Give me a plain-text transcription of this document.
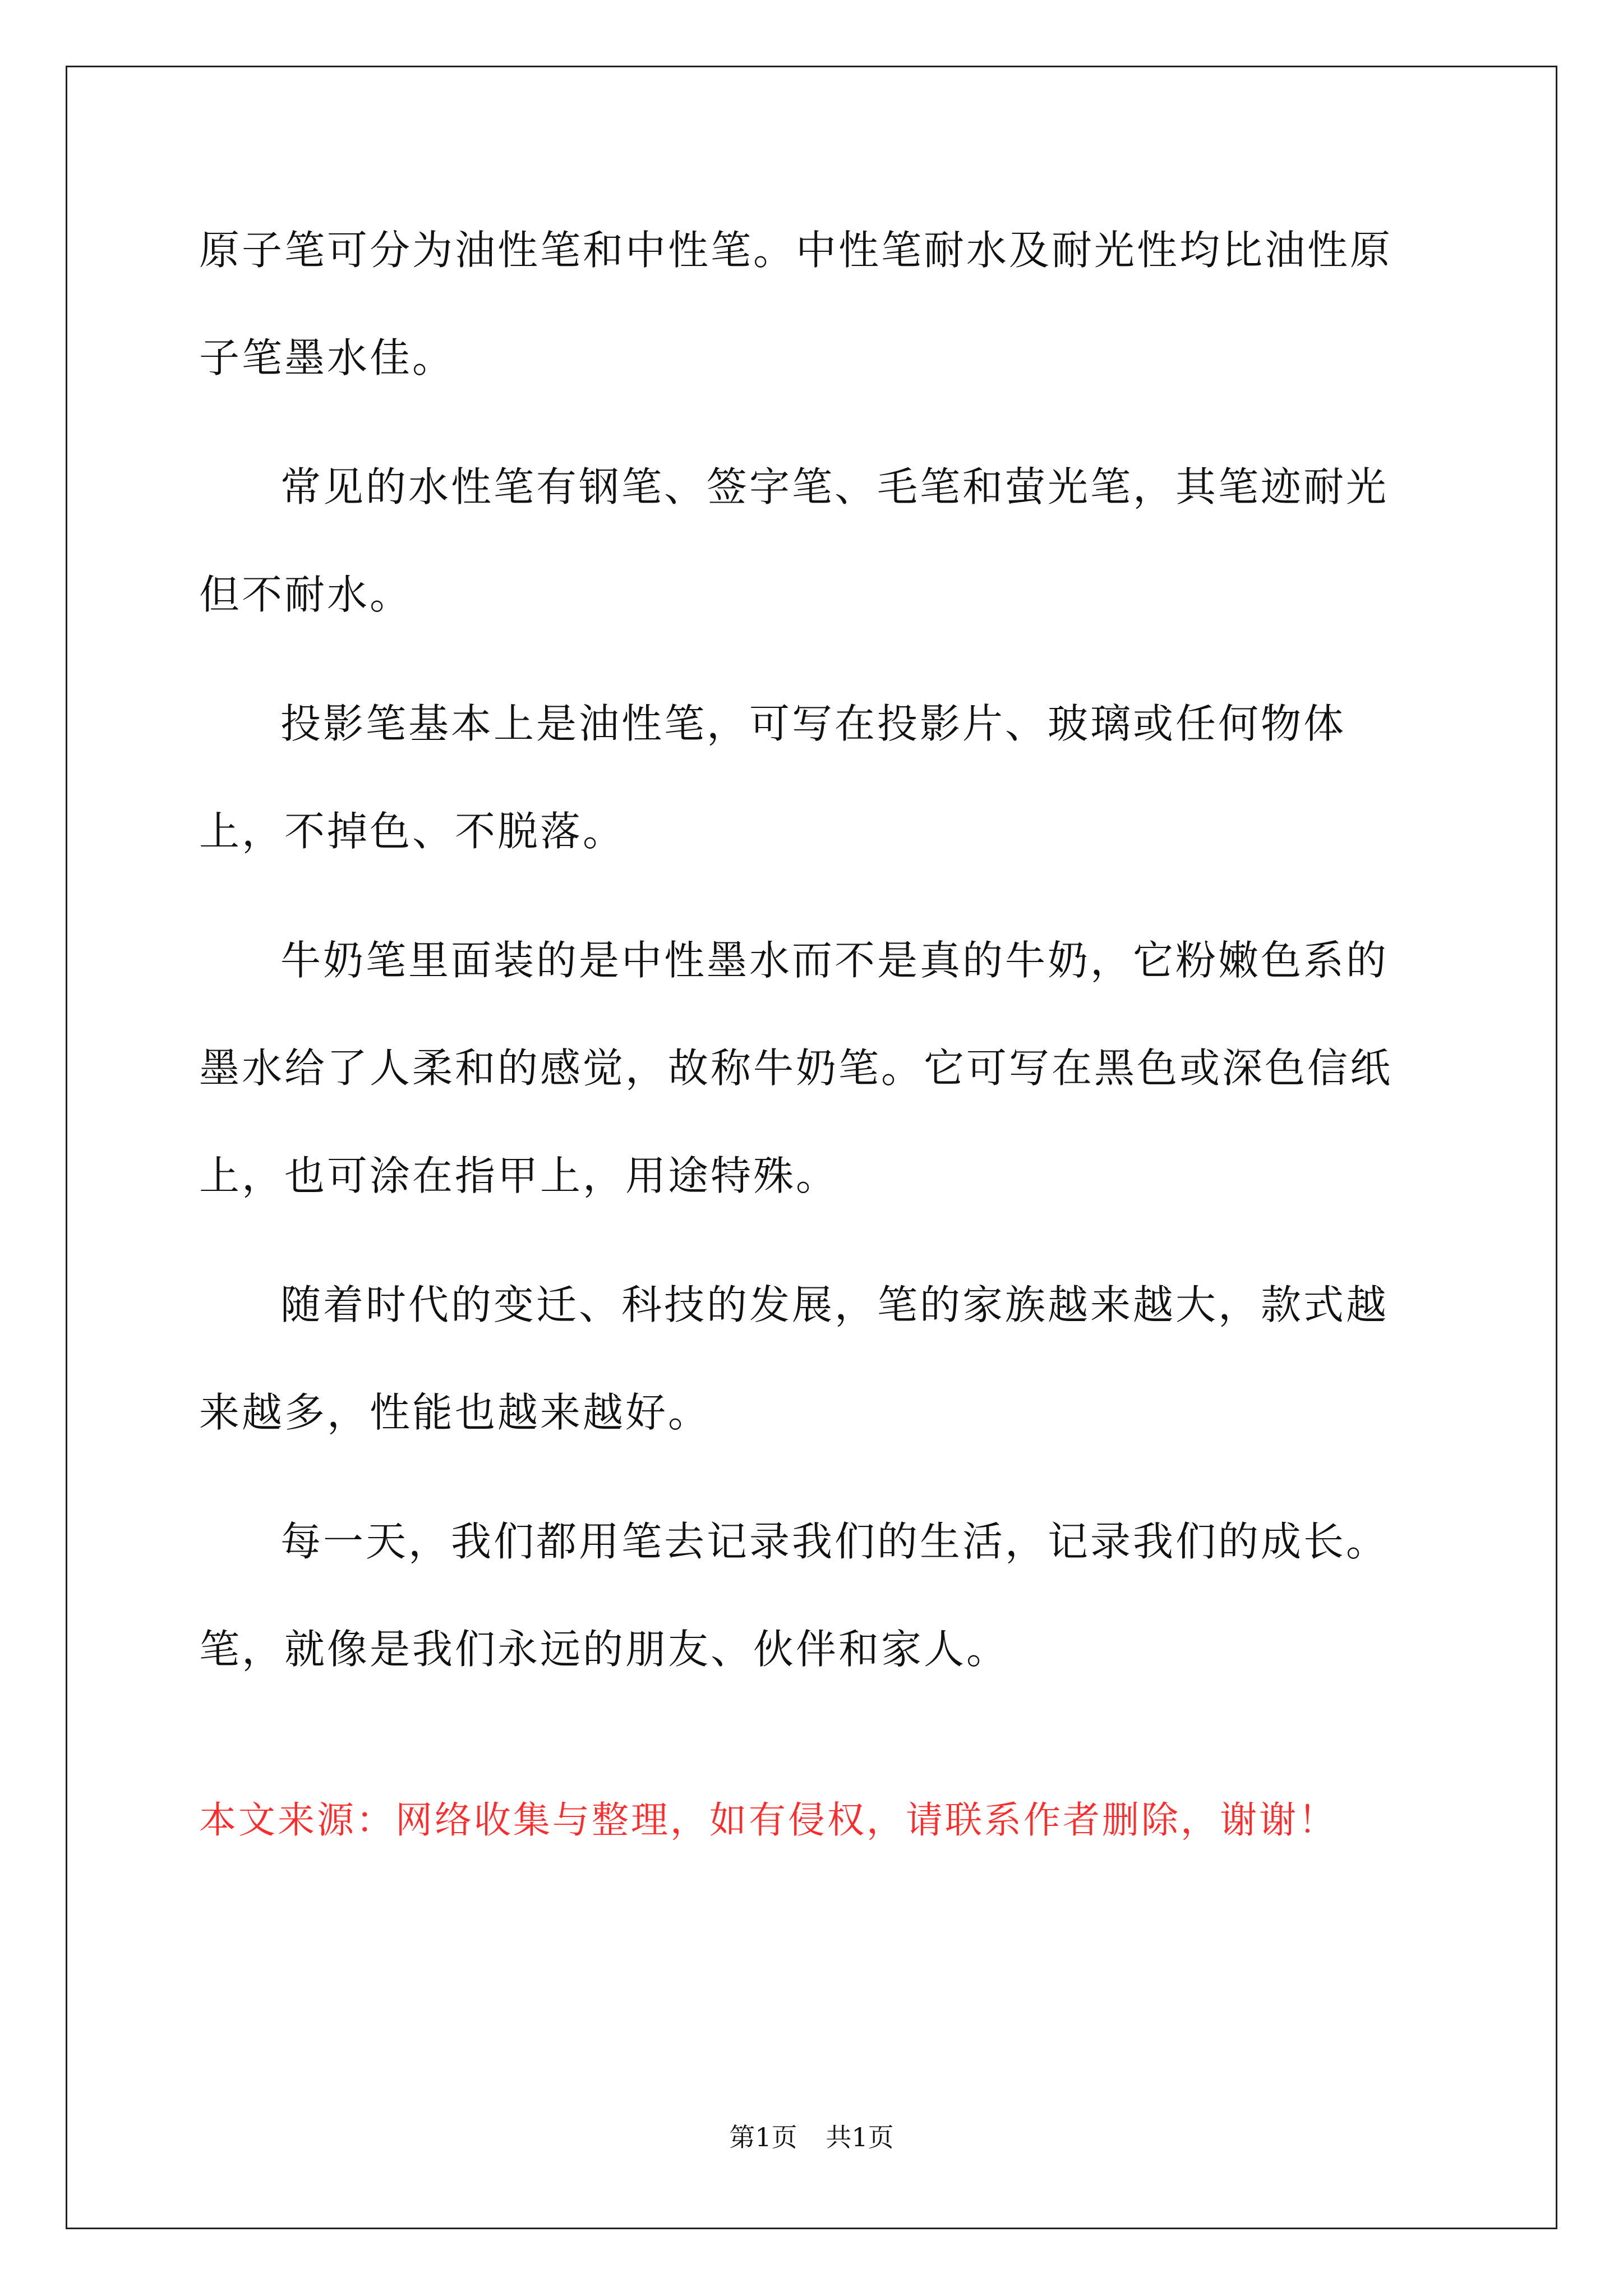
原子笔可分为油性笔和中性笔。中性笔耐水及耐光性均比油性原子笔墨水佳。

常见的水性笔有钢笔、签字笔、毛笔和萤光笔，其笔迹耐光但不耐水。

投影笔基本上是油性笔，可写在投影片、玻璃或任何物体上，不掉色、不脱落。

牛奶笔里面装的是中性墨水而不是真的牛奶，它粉嫩色系的墨水给了人柔和的感觉，故称牛奶笔。它可写在黑色或深色信纸上，也可涂在指甲上，用途特殊。

随着时代的变迁、科技的发展，笔的家族越来越大，款式越来越多，性能也越来越好。

每一天，我们都用笔去记录我们的生活，记录我们的成长。笔，就像是我们永远的朋友、伙伴和家人。

本文来源：网络收集与整理，如有侵权，请联系作者删除，谢谢！
第1页 共1页
